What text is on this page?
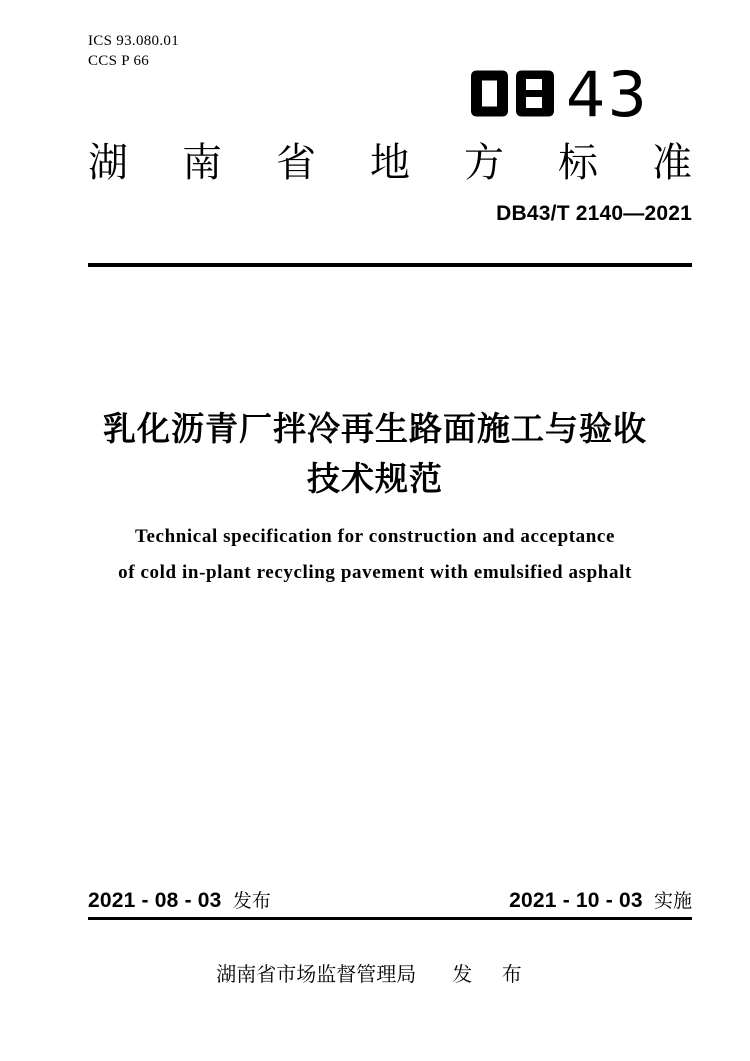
ICS 93.080.01
CCS P 66	43
湖 南 省 地 方 标 准
DB43/T 2140—2021
乳化沥青厂拌冷再生路面施工与验收
技术规范
Technical specification for construction and acceptance
of cold in-plant recycling pavement with emulsified asphalt
2021 - 08 - 03 发布	2021 - 10 - 03 实施
湖南省市场监督管理局 发 布
